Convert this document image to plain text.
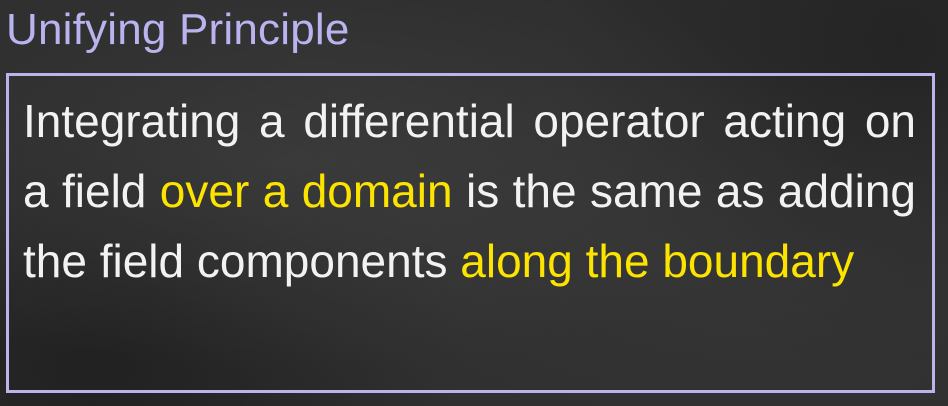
Unifying Principle

Integrating a differential operator acting on a field over a domain is the same as adding the field components along the boundary
